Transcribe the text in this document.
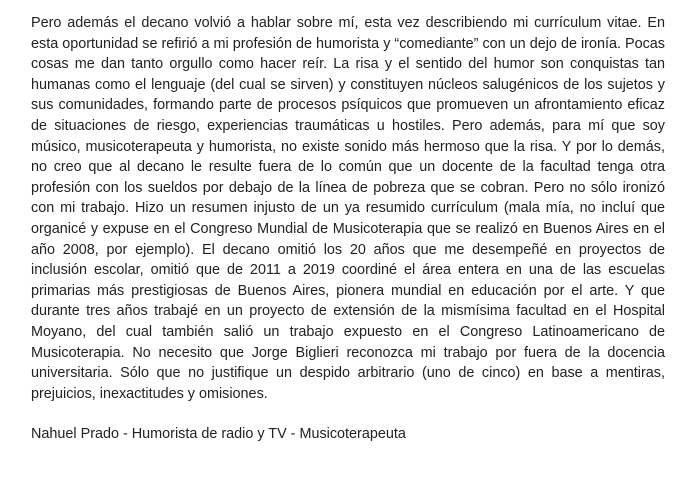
Pero además el decano volvió a hablar sobre mí, esta vez describiendo mi currículum vitae. En esta oportunidad se refirió a mi profesión de humorista y “comediante” con un dejo de ironía. Pocas cosas me dan tanto orgullo como hacer reír. La risa y el sentido del humor son conquistas tan humanas como el lenguaje (del cual se sirven) y constituyen núcleos salugénicos de los sujetos y sus comunidades, formando parte de procesos psíquicos que promueven un afrontamiento eficaz de situaciones de riesgo, experiencias traumáticas u hostiles. Pero además, para mí que soy músico, musicoterapeuta y humorista, no existe sonido más hermoso que la risa. Y por lo demás, no creo que al decano le resulte fuera de lo común que un docente de la facultad tenga otra profesión con los sueldos por debajo de la línea de pobreza que se cobran. Pero no sólo ironizó con mi trabajo. Hizo un resumen injusto de un ya resumido currículum (mala mía, no incluí que organicé y expuse en el Congreso Mundial de Musicoterapia que se realizó en Buenos Aires en el año 2008, por ejemplo). El decano omitió los 20 años que me desempeñé en proyectos de inclusión escolar, omitió que de 2011 a 2019 coordiné el área entera en una de las escuelas primarias más prestigiosas de Buenos Aires, pionera mundial en educación por el arte. Y que durante tres años trabajé en un proyecto de extensión de la mismísima facultad en el Hospital Moyano, del cual también salió un trabajo expuesto en el Congreso Latinoamericano de Musicoterapia. No necesito que Jorge Biglieri reconozca mi trabajo por fuera de la docencia universitaria. Sólo que no justifique un despido arbitrario (uno de cinco) en base a mentiras, prejuicios, inexactitudes y omisiones.

Nahuel Prado - Humorista de radio y TV - Musicoterapeuta
